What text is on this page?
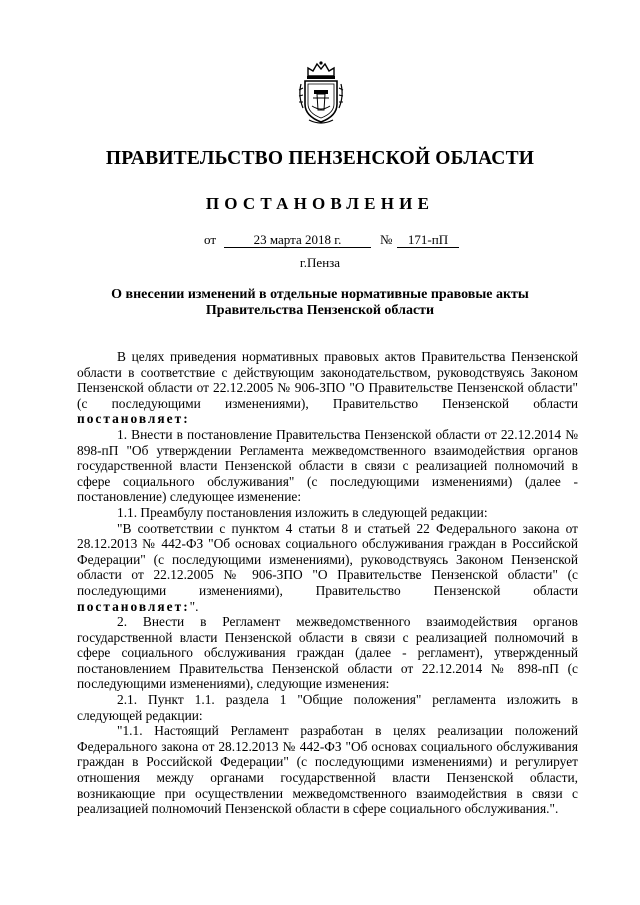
ПРАВИТЕЛЬСТВО ПЕНЗЕНСКОЙ ОБЛАСТИ
ПОСТАНОВЛЕНИЕ
от	23 марта 2018 г.	№	171-пП
г.Пенза
О внесении изменений в отдельные нормативные правовые акты
Правительства Пензенской области

В целях приведения нормативных правовых актов Правительства Пензенской области в соответствие с действующим законодательством, руководствуясь Законом Пензенской области от 22.12.2005 № 906-ЗПО "О Правительстве Пензенской области" (с последующими изменениями), Правительство Пензенской области постановляет:

1. Внести в постановление Правительства Пензенской области от 22.12.2014 № 898-пП "Об утверждении Регламента межведомственного взаимодействия органов государственной власти Пензенской области в связи с реализацией полномочий в сфере социального обслуживания" (с последующими изменениями) (далее - постановление) следующее изменение:

1.1. Преамбулу постановления изложить в следующей редакции:

"В соответствии с пунктом 4 статьи 8 и статьей 22 Федерального закона от 28.12.2013 № 442-ФЗ "Об основах социального обслуживания граждан в Российской Федерации" (с последующими изменениями), руководствуясь Законом Пензенской области от 22.12.2005 № 906-ЗПО "О Правительстве Пензенской области" (с последующими изменениями), Правительство Пензенской области постановляет:".

2. Внести в Регламент межведомственного взаимодействия органов государственной власти Пензенской области в связи с реализацией полномочий в сфере социального обслуживания граждан (далее - регламент), утвержденный постановлением Правительства Пензенской области от 22.12.2014 № 898-пП (с последующими изменениями), следующие изменения:

2.1. Пункт 1.1. раздела 1 "Общие положения" регламента изложить в следующей редакции:

"1.1. Настоящий Регламент разработан в целях реализации положений Федерального закона от 28.12.2013 № 442-ФЗ "Об основах социального обслуживания граждан в Российской Федерации" (с последующими изменениями) и регулирует отношения между органами государственной власти Пензенской области, возникающие при осуществлении межведомственного взаимодействия в связи с реализацией полномочий Пензенской области в сфере социального обслуживания.".
